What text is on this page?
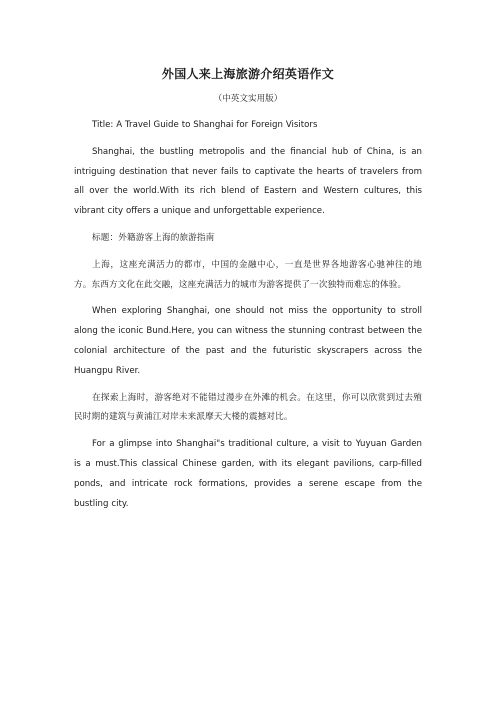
外国人来上海旅游介绍英语作文
（中英文实用版）

Title: A Travel Guide to Shanghai for Foreign Visitors

Shanghai, the bustling metropolis and the financial hub of China, is an intriguing destination that never fails to captivate the hearts of travelers from all over the world.With its rich blend of Eastern and Western cultures, this vibrant city offers a unique and unforgettable experience.

标题：外籍游客上海的旅游指南

上海，这座充满活力的都市，中国的金融中心，一直是世界各地游客心驰神往的地方。东西方文化在此交融，这座充满活力的城市为游客提供了一次独特而难忘的体验。

When exploring Shanghai, one should not miss the opportunity to stroll along the iconic Bund.Here, you can witness the stunning contrast between the colonial architecture of the past and the futuristic skyscrapers across the Huangpu River.

在探索上海时，游客绝对不能错过漫步在外滩的机会。在这里，你可以欣赏到过去殖民时期的建筑与黄浦江对岸未来派摩天大楼的震撼对比。

For a glimpse into Shanghai"s traditional culture, a visit to Yuyuan Garden is a must.This classical Chinese garden, with its elegant pavilions, carp-filled ponds, and intricate rock formations, provides a serene escape from the bustling city.
